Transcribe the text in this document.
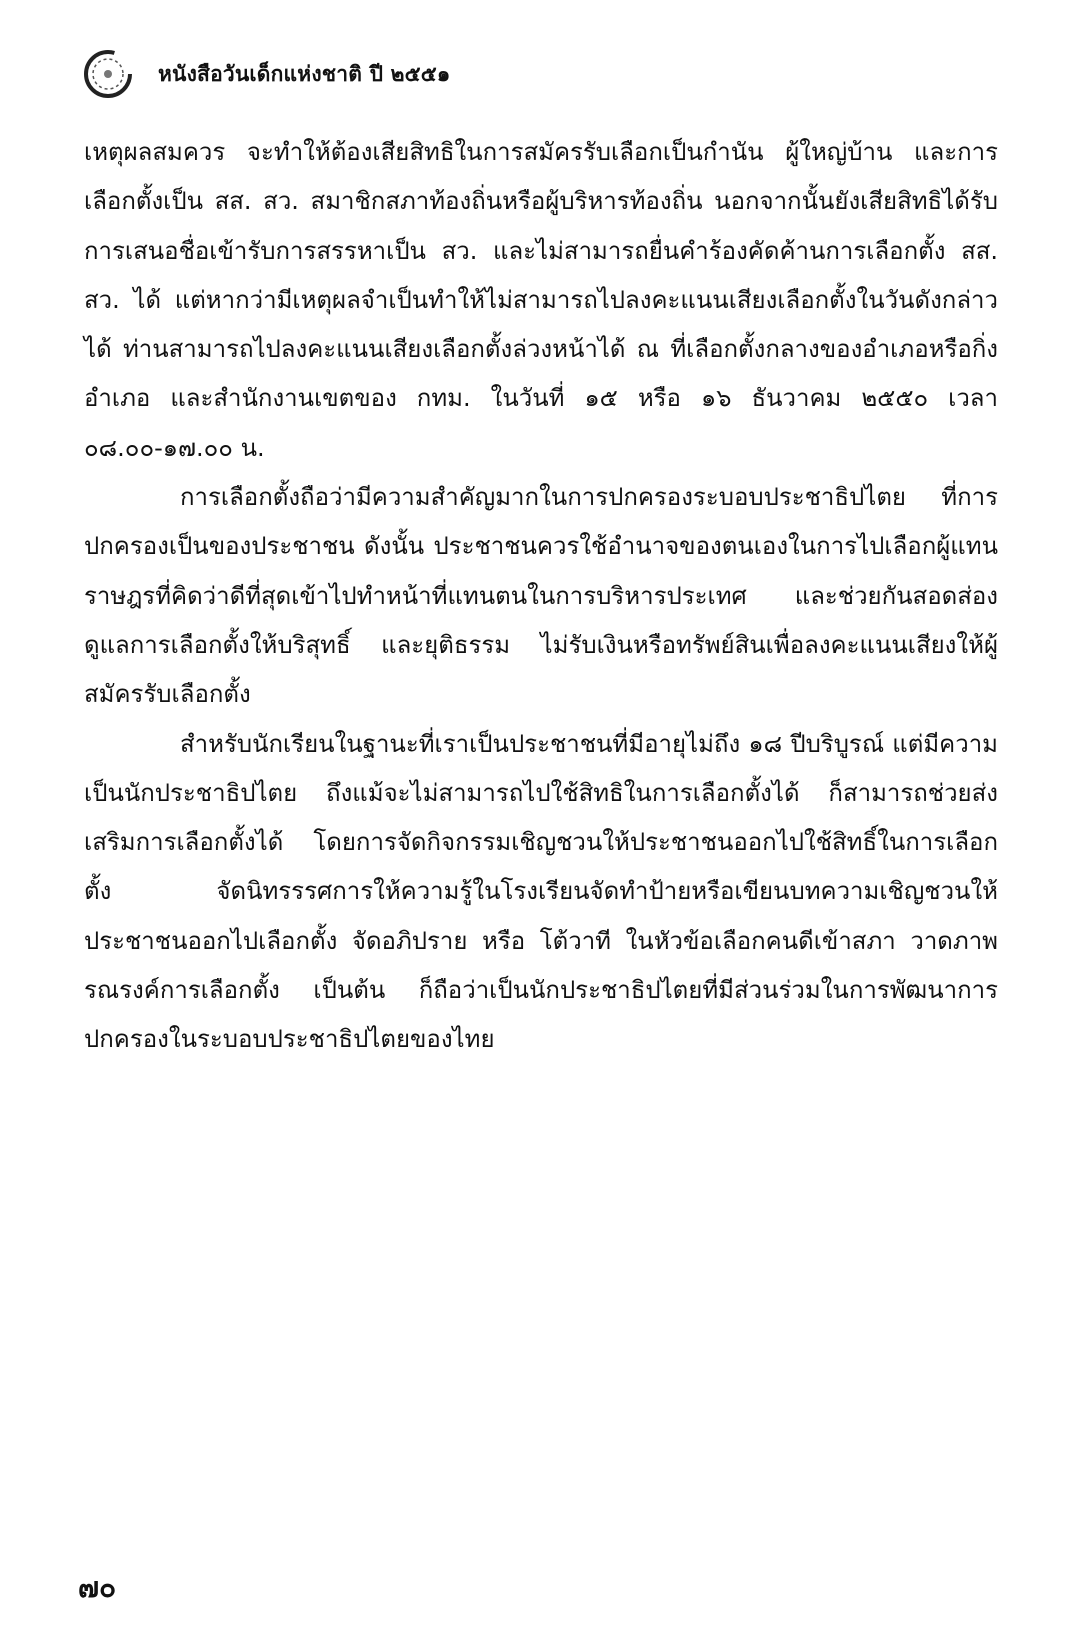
หนังสือวันเด็กแห่งชาติ ปี ๒๕๕๑

เหตุผลสมควร จะทำให้ต้องเสียสิทธิในการสมัครรับเลือกเป็นกำนัน ผู้ใหญ่บ้าน และการเลือกตั้งเป็น สส. สว. สมาชิกสภาท้องถิ่นหรือผู้บริหารท้องถิ่น นอกจากนั้นยังเสียสิทธิได้รับการเสนอชื่อเข้ารับการสรรหาเป็น สว. และไม่สามารถยื่นคำร้องคัดค้านการเลือกตั้ง สส. สว. ได้ แต่หากว่ามีเหตุผลจำเป็นทำให้ไม่สามารถไปลงคะแนนเสียงเลือกตั้งในวันดังกล่าวได้ ท่านสามารถไปลงคะแนนเสียงเลือกตั้งล่วงหน้าได้ ณ ที่เลือกตั้งกลางของอำเภอหรือกิ่งอำเภอ และสำนักงานเขตของ กทม. ในวันที่ ๑๕ หรือ ๑๖ ธันวาคม ๒๕๕๐ เวลา ๐๘.๐๐-๑๗.๐๐ น.

การเลือกตั้งถือว่ามีความสำคัญมากในการปกครองระบอบประชาธิปไตย ที่การปกครองเป็นของประชาชน ดังนั้น ประชาชนควรใช้อำนาจของตนเองในการไปเลือกผู้แทนราษฎรที่คิดว่าดีที่สุดเข้าไปทำหน้าที่แทนตนในการบริหารประเทศ และช่วยกันสอดส่องดูแลการเลือกตั้งให้บริสุทธิ์ และยุติธรรม ไม่รับเงินหรือทรัพย์สินเพื่อลงคะแนนเสียงให้ผู้สมัครรับเลือกตั้ง

สำหรับนักเรียนในฐานะที่เราเป็นประชาชนที่มีอายุไม่ถึง ๑๘ ปีบริบูรณ์ แต่มีความเป็นนักประชาธิปไตย ถึงแม้จะไม่สามารถไปใช้สิทธิในการเลือกตั้งได้ ก็สามารถช่วยส่งเสริมการเลือกตั้งได้ โดยการจัดกิจกรรมเชิญชวนให้ประชาชนออกไปใช้สิทธิ์ในการเลือกตั้ง จัดนิทรรรศการให้ความรู้ในโรงเรียนจัดทำป้ายหรือเขียนบทความเชิญชวนให้ประชาชนออกไปเลือกตั้ง จัดอภิปราย หรือ โต้วาที ในหัวข้อเลือกคนดีเข้าสภา วาดภาพรณรงค์การเลือกตั้ง เป็นต้น ก็ถือว่าเป็นนักประชาธิปไตยที่มีส่วนร่วมในการพัฒนาการปกครองในระบอบประชาธิปไตยของไทย

๗๐
